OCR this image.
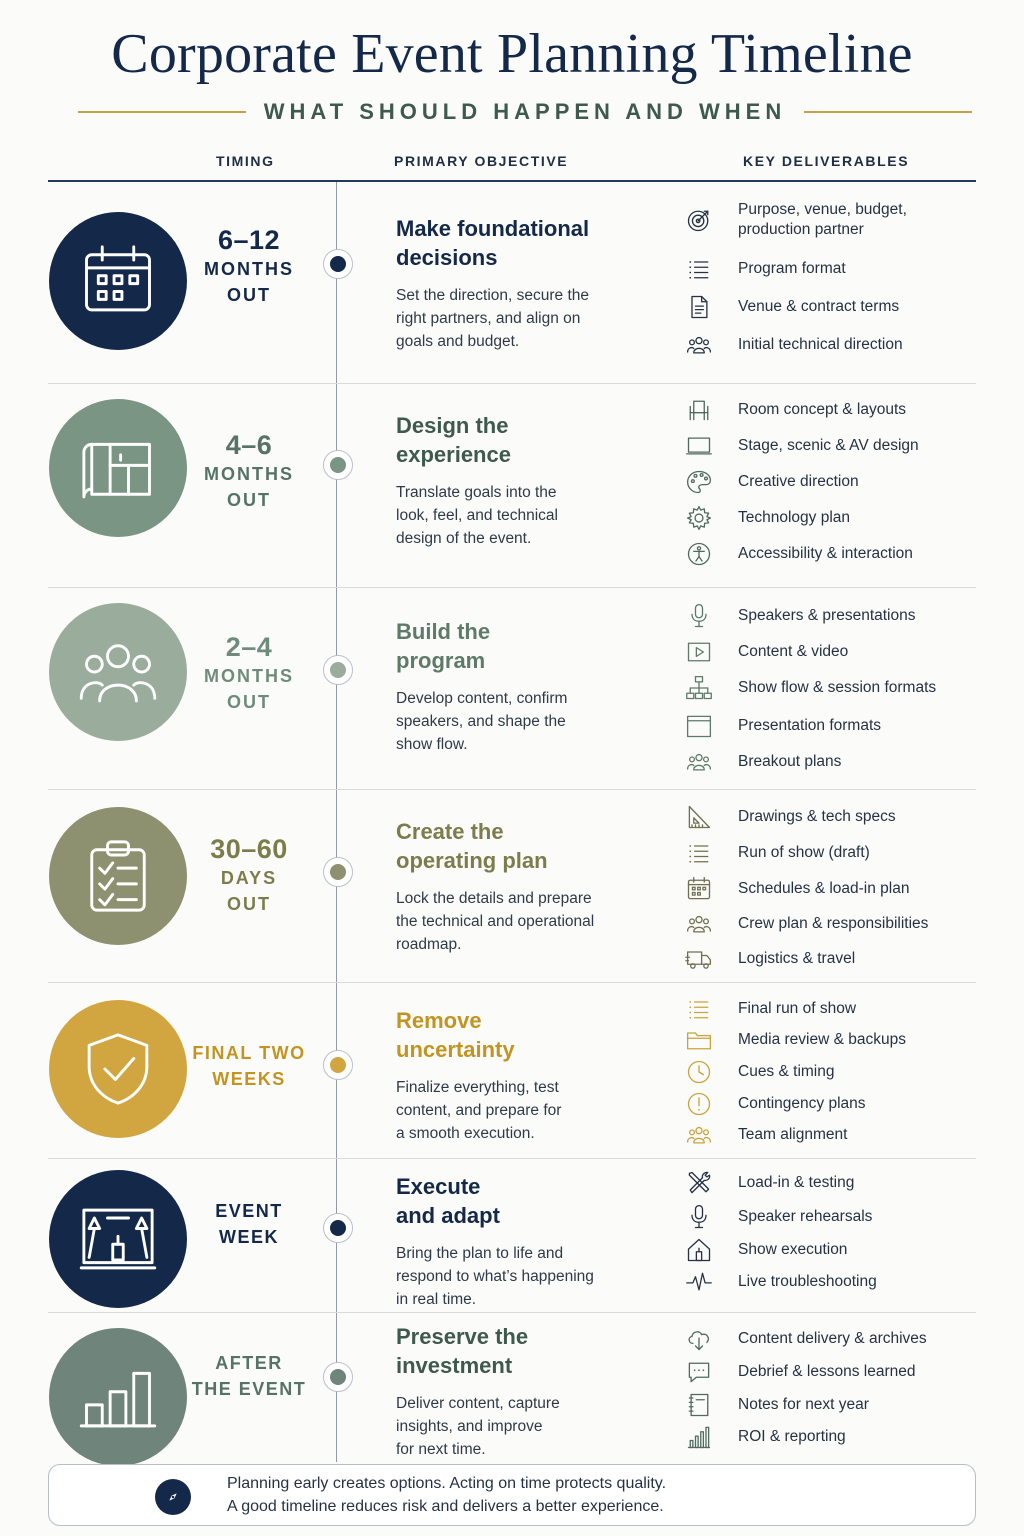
Corporate Event Planning Timeline
WHAT SHOULD HAPPEN AND WHEN
TIMING	PRIMARY OBJECTIVE	KEY DELIVERABLES
6–12
MONTHS
OUT
Make foundational
decisions
Set the direction, secure the
right partners, and align on
goals and budget.
Purpose, venue, budget,
production partner
Program format
Venue & contract terms
Initial technical direction
4–6
MONTHS
OUT
Design the
experience
Translate goals into the
look, feel, and technical
design of the event.
Room concept & layouts
Stage, scenic & AV design
Creative direction
Technology plan
Accessibility & interaction
2–4
MONTHS
OUT
Build the
program
Develop content, confirm
speakers, and shape the
show flow.
Speakers & presentations
Content & video
Show flow & session formats
Presentation formats
Breakout plans
30–60
DAYS
OUT
Create the
operating plan
Lock the details and prepare
the technical and operational
roadmap.
Drawings & tech specs
Run of show (draft)
Schedules & load-in plan
Crew plan & responsibilities
Logistics & travel
FINAL TWO
WEEKS
Remove
uncertainty
Finalize everything, test
content, and prepare for
a smooth execution.
Final run of show
Media review & backups
Cues & timing
Contingency plans
Team alignment
EVENT
WEEK
Execute
and adapt
Bring the plan to life and
respond to what’s happening
in real time.
Load-in & testing
Speaker rehearsals
Show execution
Live troubleshooting
AFTER
THE EVENT
Preserve the
investment
Deliver content, capture
insights, and improve
for next time.
Content delivery & archives
Debrief & lessons learned
Notes for next year
ROI & reporting
Planning early creates options. Acting on time protects quality.
A good timeline reduces risk and delivers a better experience.
